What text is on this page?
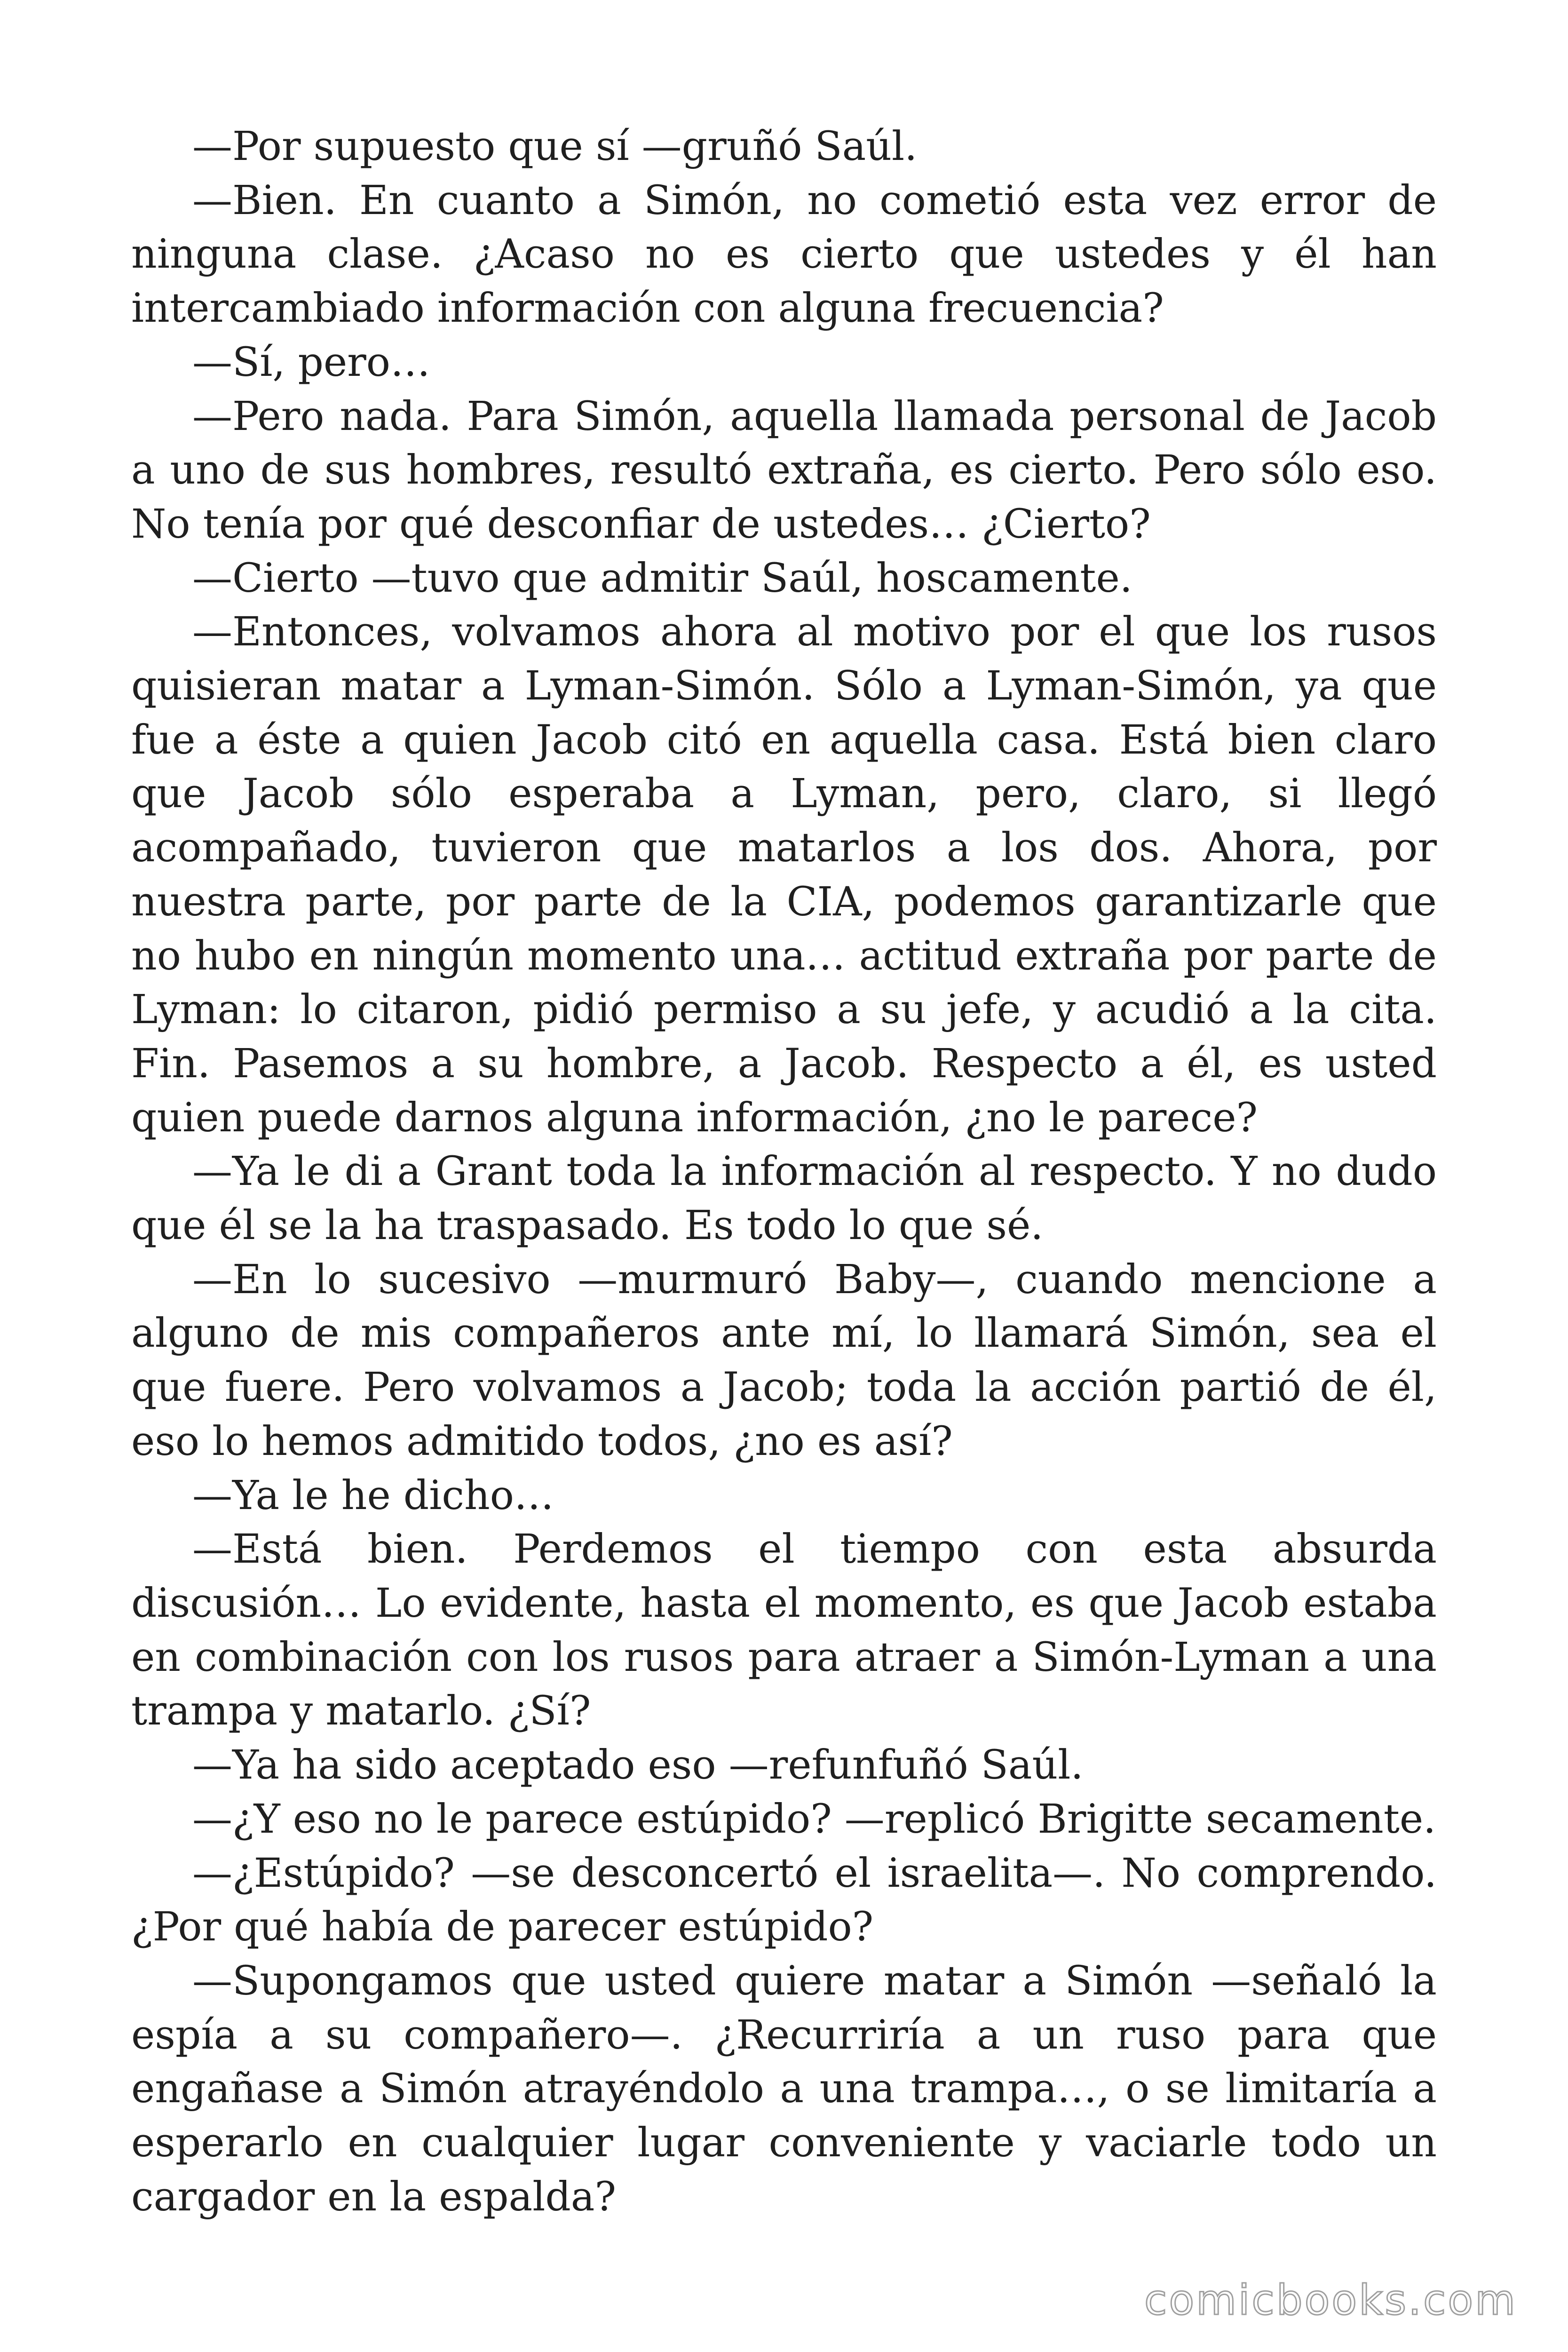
—Por supuesto que sí —gruñó Saúl.

—Bien. En cuanto a Simón, no cometió esta vez error de ninguna clase. ¿Acaso no es cierto que ustedes y él han intercambiado información con alguna frecuencia?

—Sí, pero…

—Pero nada. Para Simón, aquella llamada personal de Jacob a uno de sus hombres, resultó extraña, es cierto. Pero sólo eso. No tenía por qué desconfiar de ustedes… ¿Cierto?

—Cierto —tuvo que admitir Saúl, hoscamente.

—Entonces, volvamos ahora al motivo por el que los rusos quisieran matar a Lyman-Simón. Sólo a Lyman-Simón, ya que fue a éste a quien Jacob citó en aquella casa. Está bien claro que Jacob sólo esperaba a Lyman, pero, claro, si llegó acompañado, tuvieron que matarlos a los dos. Ahora, por nuestra parte, por parte de la CIA, podemos garantizarle que no hubo en ningún momento una… actitud extraña por parte de Lyman: lo citaron, pidió permiso a su jefe, y acudió a la cita. Fin. Pasemos a su hombre, a Jacob. Respecto a él, es usted quien puede darnos alguna información, ¿no le parece?

—Ya le di a Grant toda la información al respecto. Y no dudo que él se la ha traspasado. Es todo lo que sé.

—En lo sucesivo —murmuró Baby—, cuando mencione a alguno de mis compañeros ante mí, lo llamará Simón, sea el que fuere. Pero volvamos a Jacob; toda la acción partió de él, eso lo hemos admitido todos, ¿no es así?

—Ya le he dicho…

—Está bien. Perdemos el tiempo con esta absurda discusión… Lo evidente, hasta el momento, es que Jacob estaba en combinación con los rusos para atraer a Simón-Lyman a una trampa y matarlo. ¿Sí?

—Ya ha sido aceptado eso —refunfuñó Saúl.

—¿Y eso no le parece estúpido? —replicó Brigitte secamente.

—¿Estúpido? —se desconcertó el israelita—. No comprendo. ¿Por qué había de parecer estúpido?

—Supongamos que usted quiere matar a Simón —señaló la espía a su compañero—. ¿Recurriría a un ruso para que engañase a Simón atrayéndolo a una trampa…, o se limitaría a esperarlo en cualquier lugar conveniente y vaciarle todo un cargador en la espalda?

comicbooks.com
